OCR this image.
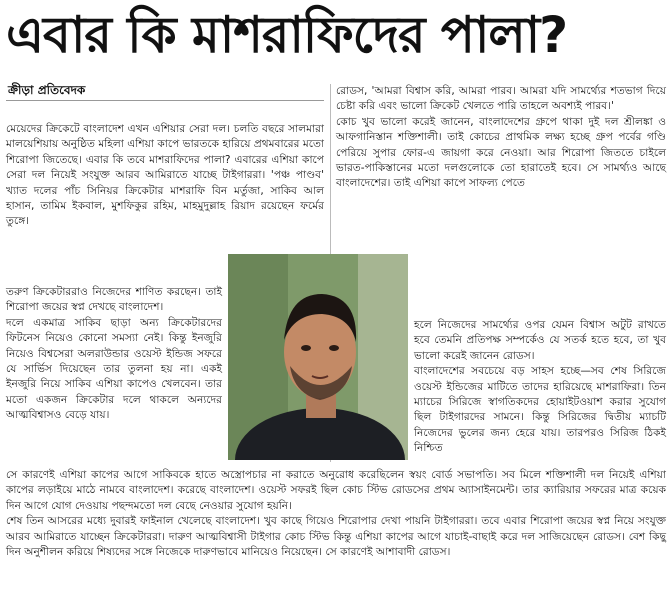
এবার কি মাশরাফিদের পালা?
ক্রীড়া প্রতিবেদক

মেয়েদের ক্রিকেটে বাংলাদেশ এখন এশিয়ার সেরা দল। চলতি বছরে সালমারা মালয়েশিয়ায় অনুষ্ঠিত মহিলা এশিয়া কাপে ভারতকে হারিয়ে প্রথমবারের মতো শিরোপা জিতেছে। এবার কি তবে মাশরাফিদের পালা? এবারের এশিয়া কাপে সেরা দল নিয়েই সংযুক্ত আরব আমিরাতে যাচ্ছে টাইগাররা। 'পঞ্চ পাণ্ডব' খ্যাত দলের পাঁচ সিনিয়র ক্রিকেটার মাশরাফি বিন মর্তুজা, সাকিব আল হাসান, তামিম ইকবাল, মুশফিকুর রহিম, মাহমুদুল্লাহ রিয়াদ রয়েছেন ফর্মের তুঙ্গে।

তরুণ ক্রিকেটাররাও নিজেদের শাণিত করছেন। তাই শিরোপা জয়ের স্বপ্ন দেখছে বাংলাদেশ।

দলে একমাত্র সাকিব ছাড়া অন্য ক্রিকেটারদের ফিটনেস নিয়েও কোনো সমস্যা নেই। কিন্তু ইনজুরি নিয়েও বিশ্বসেরা অলরাউন্ডার ওয়েস্ট ইন্ডিজ সফরে যে সার্ভিস দিয়েছেন তার তুলনা হয় না। একই ইনজুরি নিয়ে সাকিব এশিয়া কাপেও খেলবেন। তার মতো একজন ক্রিকেটার দলে থাকলে অন্যদের আত্মবিশ্বাসও বেড়ে যায়।

রোডস, 'আমরা বিশ্বাস করি, আমরা পারব। আমরা যদি সামর্থ্যের শতভাগ দিয়ে চেষ্টা করি এবং ভালো ক্রিকেট খেলতে পারি তাহলে অবশ্যই পারব।'

কোচ খুব ভালো করেই জানেন, বাংলাদেশের গ্রুপে থাকা দুই দল শ্রীলঙ্কা ও আফগানিস্তান শক্তিশালী। তাই কোচের প্রাথমিক লক্ষ্য হচ্ছে গ্রুপ পর্বের গণ্ডি পেরিয়ে সুপার ফোর-এ জায়গা করে নেওয়া। আর শিরোপা জিততে চাইলে ভারত-পাকিস্তানের মতো দলগুলোকে তো হারাতেই হবে। সে সামর্থ্যও আছে বাংলাদেশের। তাই এশিয়া কাপে সাফল্য পেতে

হলে নিজেদের সামর্থ্যের ওপর যেমন বিশ্বাস অটুট রাখতে হবে তেমনি প্রতিপক্ষ সম্পর্কেও যে সতর্ক হতে হবে, তা খুব ভালো করেই জানেন রোডস।

বাংলাদেশের সবচেয়ে বড় সাহস হচ্ছে—সব শেষ সিরিজে ওয়েস্ট ইন্ডিজের মাটিতে তাদের হারিয়েছে মাশরাফিরা। তিন ম্যাচের সিরিজে স্বাগতিকদের হোয়াইটওয়াশ করার সুযোগ ছিল টাইগারদের সামনে। কিন্তু সিরিজের দ্বিতীয় ম্যাচটি নিজেদের ভুলের জন্য হেরে যায়। তারপরও সিরিজ ঠিকই নিশ্চিত

সে কারণেই এশিয়া কাপের আগে সাকিবকে হাতে অস্ত্রোপচার না করাতে অনুরোধ করেছিলেন স্বয়ং বোর্ড সভাপতি। সব মিলে শক্তিশালী দল নিয়েই এশিয়া কাপের লড়াইয়ে মাঠে নামবে বাংলাদেশ। করেছে বাংলাদেশ। ওয়েস্ট সফরই ছিল কোচ স্টিভ রোডসের প্রথম অ্যাসাইনমেন্ট। তার ক্যারিয়ার সফরের মাত্র কয়েক দিন আগে যোগ দেওয়ায় পছন্দমতো দল বেছে নেওয়ার সুযোগ হয়নি।

শেষ তিন আসরের মধ্যে দুবারই ফাইনাল খেলেছে বাংলাদেশ। খুব কাছে গিয়েও শিরোপার দেখা পায়নি টাইগাররা। তবে এবার শিরোপা জয়ের স্বপ্ন নিয়ে সংযুক্ত আরব আমিরাতে যাচ্ছেন ক্রিকেটাররা। দারুণ আত্মবিশ্বাসী টাইগার কোচ স্টিভ কিন্তু এশিয়া কাপের আগে যাচাই-বাছাই করে দল সাজিয়েছেন রোডস। বেশ কিছু দিন অনুশীলন করিয়ে শিষ্যদের সঙ্গে নিজেকে দারুণভাবে মানিয়েও নিয়েছেন। সে কারণেই আশাবাদী রোডস।
